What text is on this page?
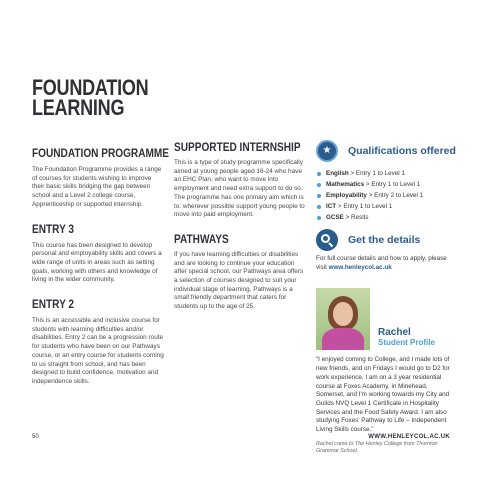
FOUNDATION
LEARNING
FOUNDATION PROGRAMME

The Foundation Programme provides a range of courses for students wishing to improve their basic skills bridging the gap between school and a Level 2 college course, Apprenticeship or supported internship.

ENTRY 3

This course has been designed to develop personal and employability skills and covers a wide range of units in areas such as setting goals, working with others and knowledge of living in the wider community.

ENTRY 2

This is an accessible and inclusive course for students with learning difficulties and/or disabilities. Entry 2 can be a progression route for students who have been on our Pathways course, or an entry course for students coming to us straight from school, and has been designed to build confidence, motivation and independence skills.

SUPPORTED INTERNSHIP

This is a type of study programme specifically aimed at young people aged 16-24 who have an EHC Plan, who want to move into employment and need extra support to do so. The programme has one primary aim which is to: wherever possible support young people to move into paid employment.

PATHWAYS

If you have learning difficulties or disabilities and are looking to continue your education after special school, our Pathways area offers a selection of courses designed to suit your individual stage of learning. Pathways is a small friendly department that caters for students up to the age of 25.

★
Qualifications offered
English > Entry 1 to Level 1
Mathematics > Entry 1 to Level 1
Employability > Entry 2 to Level 1
ICT > Entry 1 to Level 1
GCSE > Resits
Get the details

For full course details and how to apply, please visit www.henleycol.ac.uk

Rachel
Student Profile

“I enjoyed coming to College, and I made lots of new friends, and on Fridays I would go to D2 for work experience. I am on a 3 year residential course at Foxes Academy, in Minehead, Somerset, and I'm working towards my City and Guilds NVQ Level 1 Certificate in Hospitality Services and the Food Safety Award. I am also studying Foxes' Pathway to Life – Independent Living Skills course.”

Rachel came to The Henley College from Thornton Grammar School.

50	WWW.HENLEYCOL.AC.UK
